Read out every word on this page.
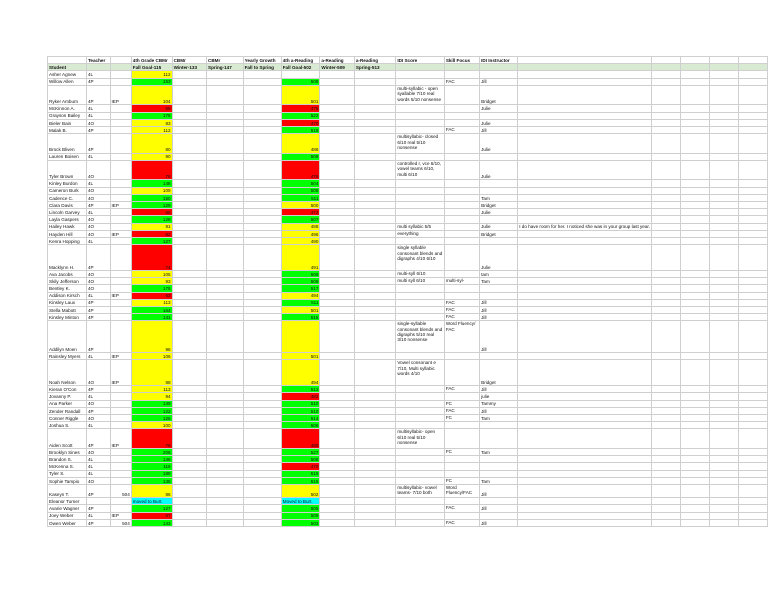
	Teacher		4th Grade CBMr	CBMr	CBMr	Yearly Growth	4th a-Reading	a-Reading	a-Reading	IDI Score	Skill Focus	IDI Instructor					
Student			Fall Goal-115	Winter-133	Spring-147	Fall to Spring	Fall Goal-502	Winter-509	Spring-513								
Asher Agnew	4L		112														
Willow Allen	4P		153				508				FAC	Jill					
Ryker Amburn	4P	IEP	104				501			multi-syllabic - open syallable 7/10 real words 5/10 nonsense		Bridget					
McKinnon A.	4L		58				475					Julie					
Grayson Bailey	4L		176				522										
Bieler Bain	4O		83				470					Julie					
Malak B.	4P		112				518				FAC	Jill					
Brock Bliven	4P		80				486			multisyllabic- closed 6/10 real 5/10 nonsense		Julie					
Lauren Boisen	4L		90				508										
Tyler Brown	4O		76				476			controlled r, vce 6/10, vowel teams 6/10, multi 6/10		Julie					
Kinley Burdon	4L		148				504										
Cameron Burk	4O		109				508										
Cadence C.	4O		150				511					Tam					
Clara Davis	4P	IEP	129				500					Bridget					
Lincoln Garvey	4L		65				472					Julie					
Layla Gaspers	4O		128				507										
Hailey Hawk	4O		91				488			multi syllabic 5/5		Julie	I do have room for her. I noticed she was in your group last year.				
Hayden Hill	4O	IEP	62				496			everything		Bridget					
Kenra Hopping	4L		127				490										
Macklynn H.	4P		74				491			single syllable consonant blends and digraphs 4/10 6/10		Julie					
Ava Jacobs	4O		105				509			multi-syll 6/10		tam					
Skily Jefferson	4O		93				509			multi syll 6/10	multi-syl-	Tam					
Bentley K.	4O		176				517										
Addison Kirsch	4L	IEP	63				494										
Kinsley Laux	4P		113				511				FAC	Jill					
Stella Mabott	4P		164				501				FAC	Jill					
Kinsley Minton	4P		141				515				FAC	Jill					
Addilyn Moen	4P		96							single-syllable consonant blends and digraphs 5/10 real 3/10 nonsense	Word Fluency/ FAC	Jill					
Rainsley Myers	4L	IEP	106				501										
Noah Nelson	4O	IEP	88				494			Vowel consonant e 7/10, Multi syllabic words 4/10		Bridget					
Kieran O'Con	4P		113				513				FAC	Jill					
Jovanny P.	4L		94				482					julie					
Ana Parker	4O		149				510				FC	Tammy					
Zender Randall	4P		122				510				FAC	Jill					
Conner Riggle	4O		126				514				FC	Tam					
Joshua S.	4L		100				506										
Aiden Scott	4P	IEP	79				480			multisyllabic- open 6/10 real 5/10 nonsense							
Brooklyn Sines	4O		206				527				FC	Tam					
Brandon S.	4L		146				508										
McKenna S.	4L		116				470										
Tyler S.	4L		188				519										
Sophie Tampio	4O		135				515				FC	Tam					
Kaseyn T.	4P	504	86				502			multisyllabic- vowel teams- 7/10 both	Word Fluency/FAC	Jill					
Eleanor Turner			moved to Burt.				Moved to Burt.										
Avarie Wagner	4P		127				505				FAC	Jill					
Joey Weber	4L	IEP	67				509										
Owen Weber	4P	504	143				503				FAC	Jill					
